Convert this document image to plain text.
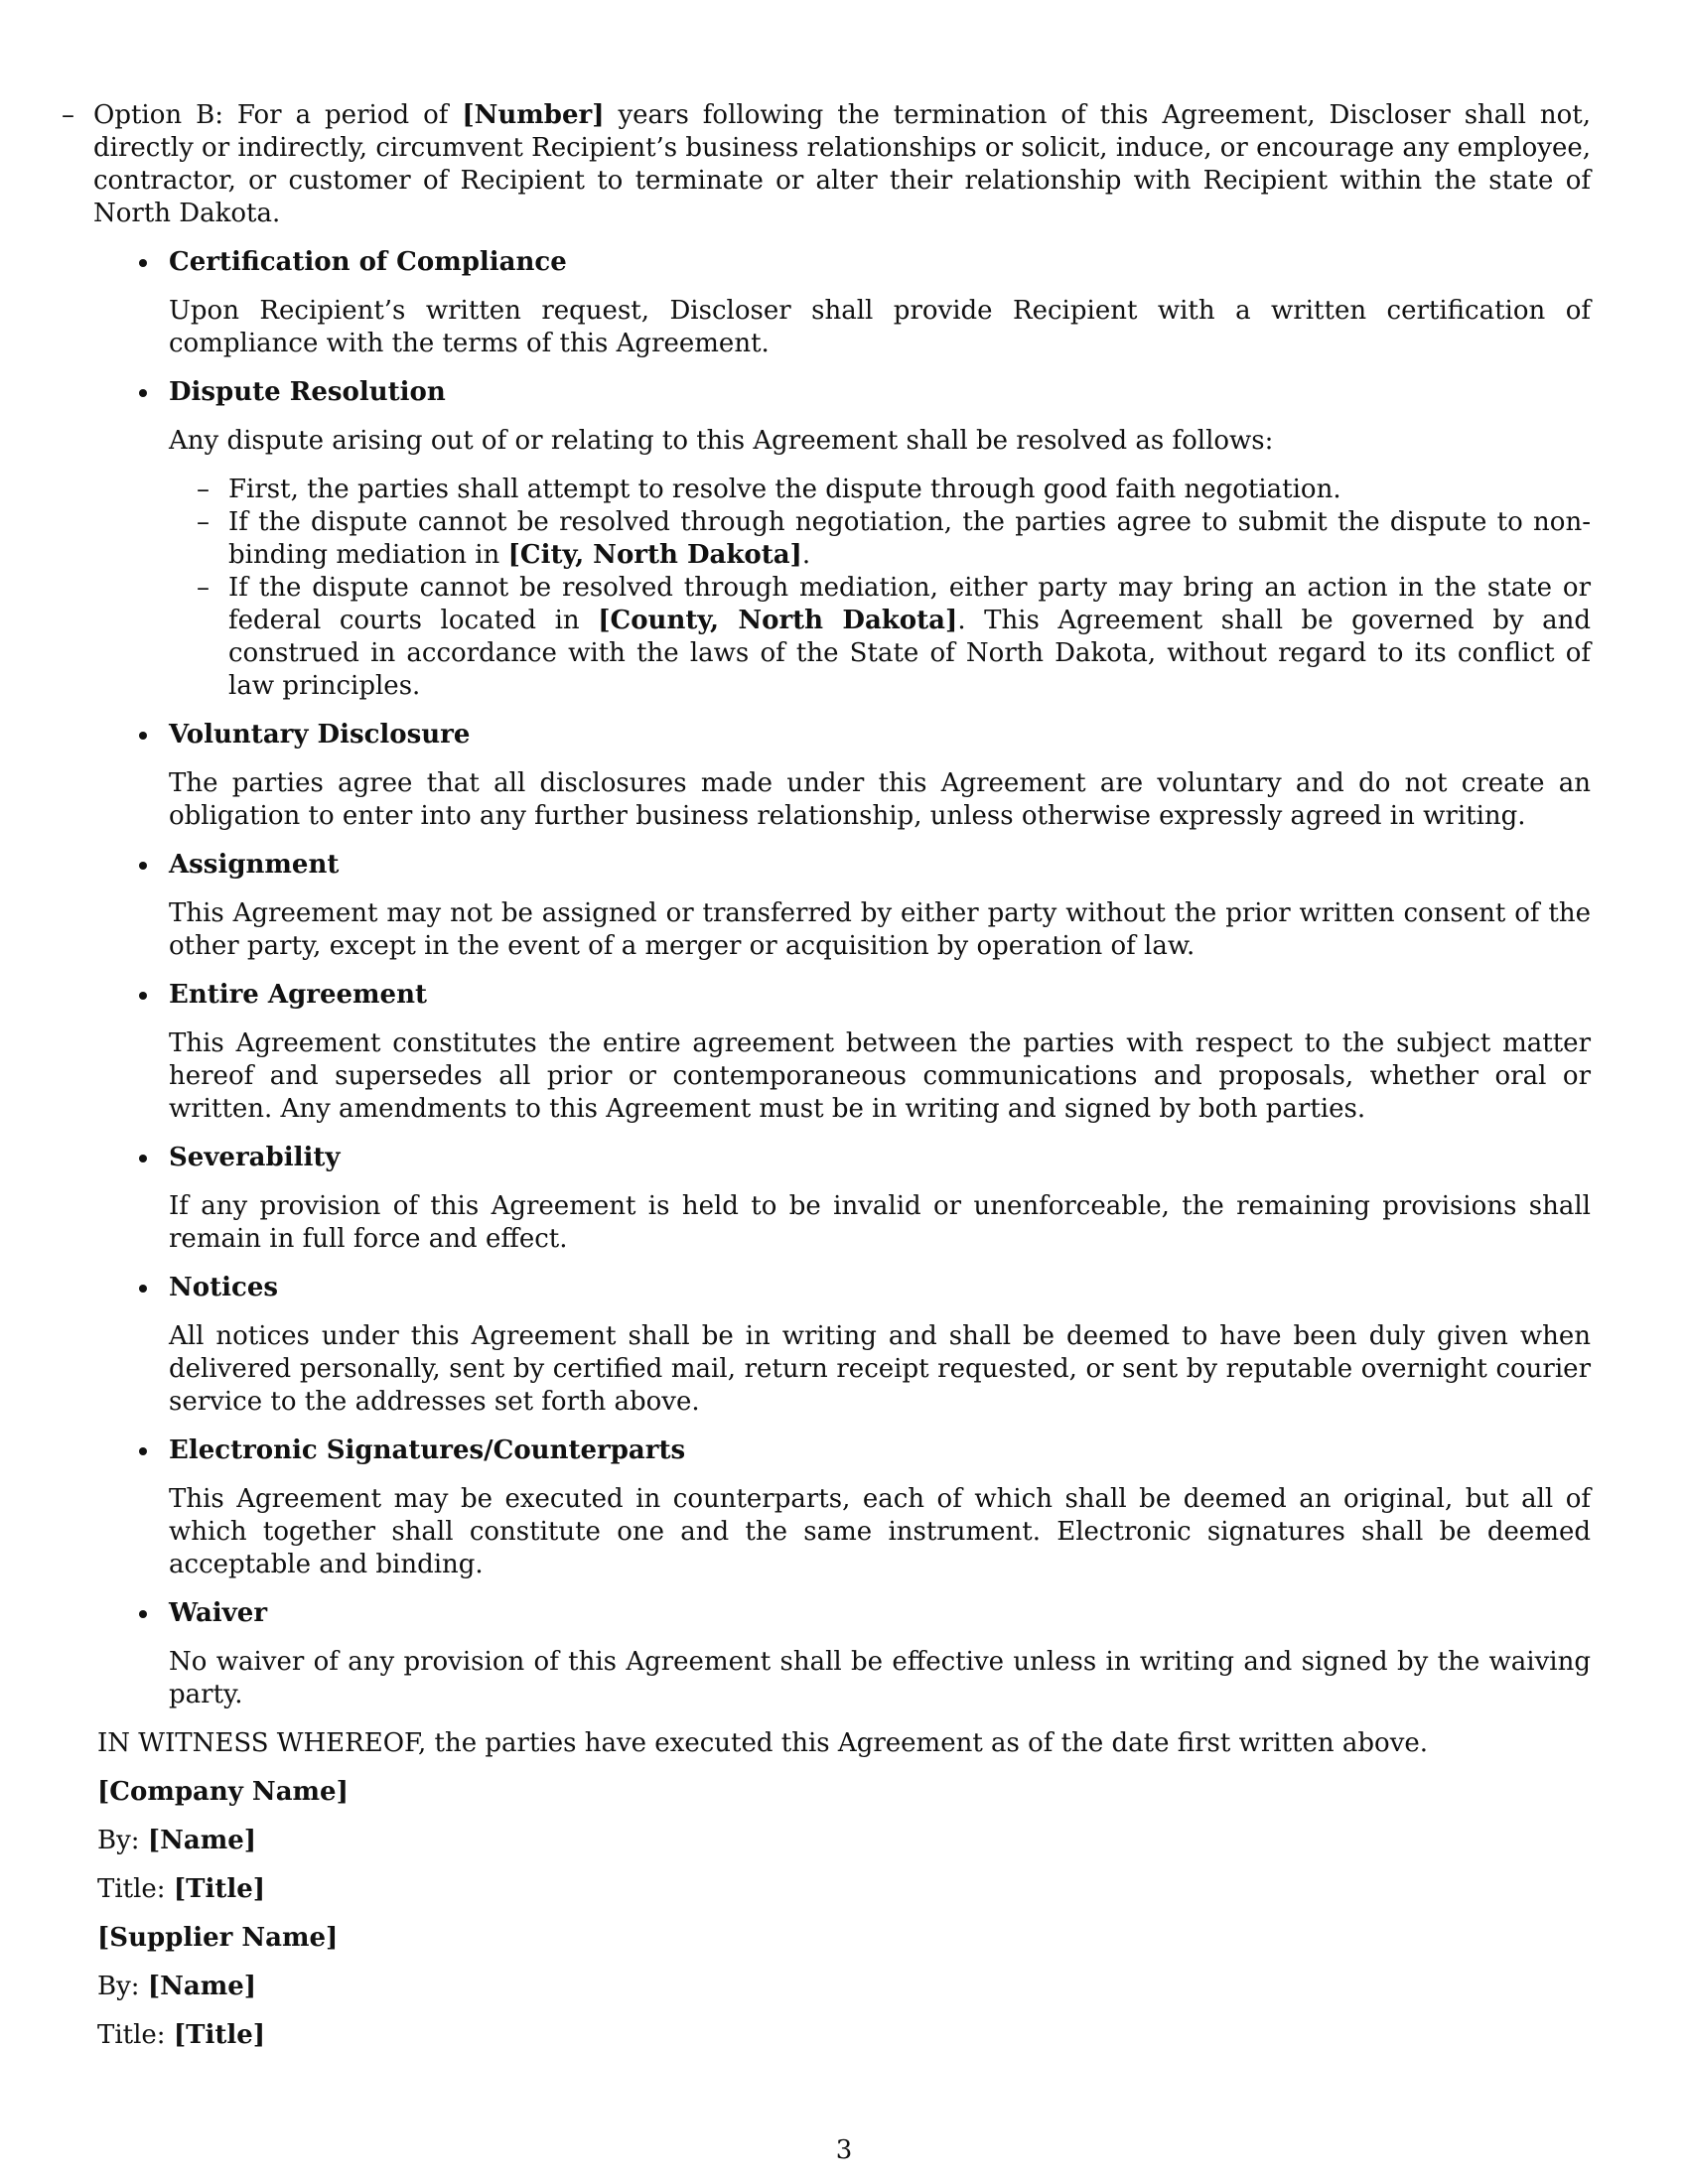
– Option B: For a period of [Number] years following the termination of this Agreement, Discloser shall not, directly or indirectly, circumvent Recipient’s business relationships or solicit, induce, or encourage any employee, contractor, or customer of Recipient to terminate or alter their relationship with Recipient within the state of North Dakota.

Certification of Compliance

Upon Recipient’s written request, Discloser shall provide Recipient with a written certification of compliance with the terms of this Agreement.

Dispute Resolution

Any dispute arising out of or relating to this Agreement shall be resolved as follows:

– First, the parties shall attempt to resolve the dispute through good faith negotiation.
– If the dispute cannot be resolved through negotiation, the parties agree to submit the dispute to non-binding mediation in [City, North Dakota].
– If the dispute cannot be resolved through mediation, either party may bring an action in the state or federal courts located in [County, North Dakota]. This Agreement shall be governed by and construed in accordance with the laws of the State of North Dakota, without regard to its conflict of law principles.

Voluntary Disclosure

The parties agree that all disclosures made under this Agreement are voluntary and do not create an obligation to enter into any further business relationship, unless otherwise expressly agreed in writing.

Assignment

This Agreement may not be assigned or transferred by either party without the prior written consent of the other party, except in the event of a merger or acquisition by operation of law.

Entire Agreement

This Agreement constitutes the entire agreement between the parties with respect to the subject matter hereof and supersedes all prior or contemporaneous communications and proposals, whether oral or written. Any amendments to this Agreement must be in writing and signed by both parties.

Severability

If any provision of this Agreement is held to be invalid or unenforceable, the remaining provisions shall remain in full force and effect.

Notices

All notices under this Agreement shall be in writing and shall be deemed to have been duly given when delivered personally, sent by certified mail, return receipt requested, or sent by reputable overnight courier service to the addresses set forth above.

Electronic Signatures/Counterparts

This Agreement may be executed in counterparts, each of which shall be deemed an original, but all of which together shall constitute one and the same instrument. Electronic signatures shall be deemed acceptable and binding.

Waiver

No waiver of any provision of this Agreement shall be effective unless in writing and signed by the waiving party.

IN WITNESS WHEREOF, the parties have executed this Agreement as of the date first written above.

[Company Name]

By: [Name]

Title: [Title]

[Supplier Name]

By: [Name]

Title: [Title]

3
